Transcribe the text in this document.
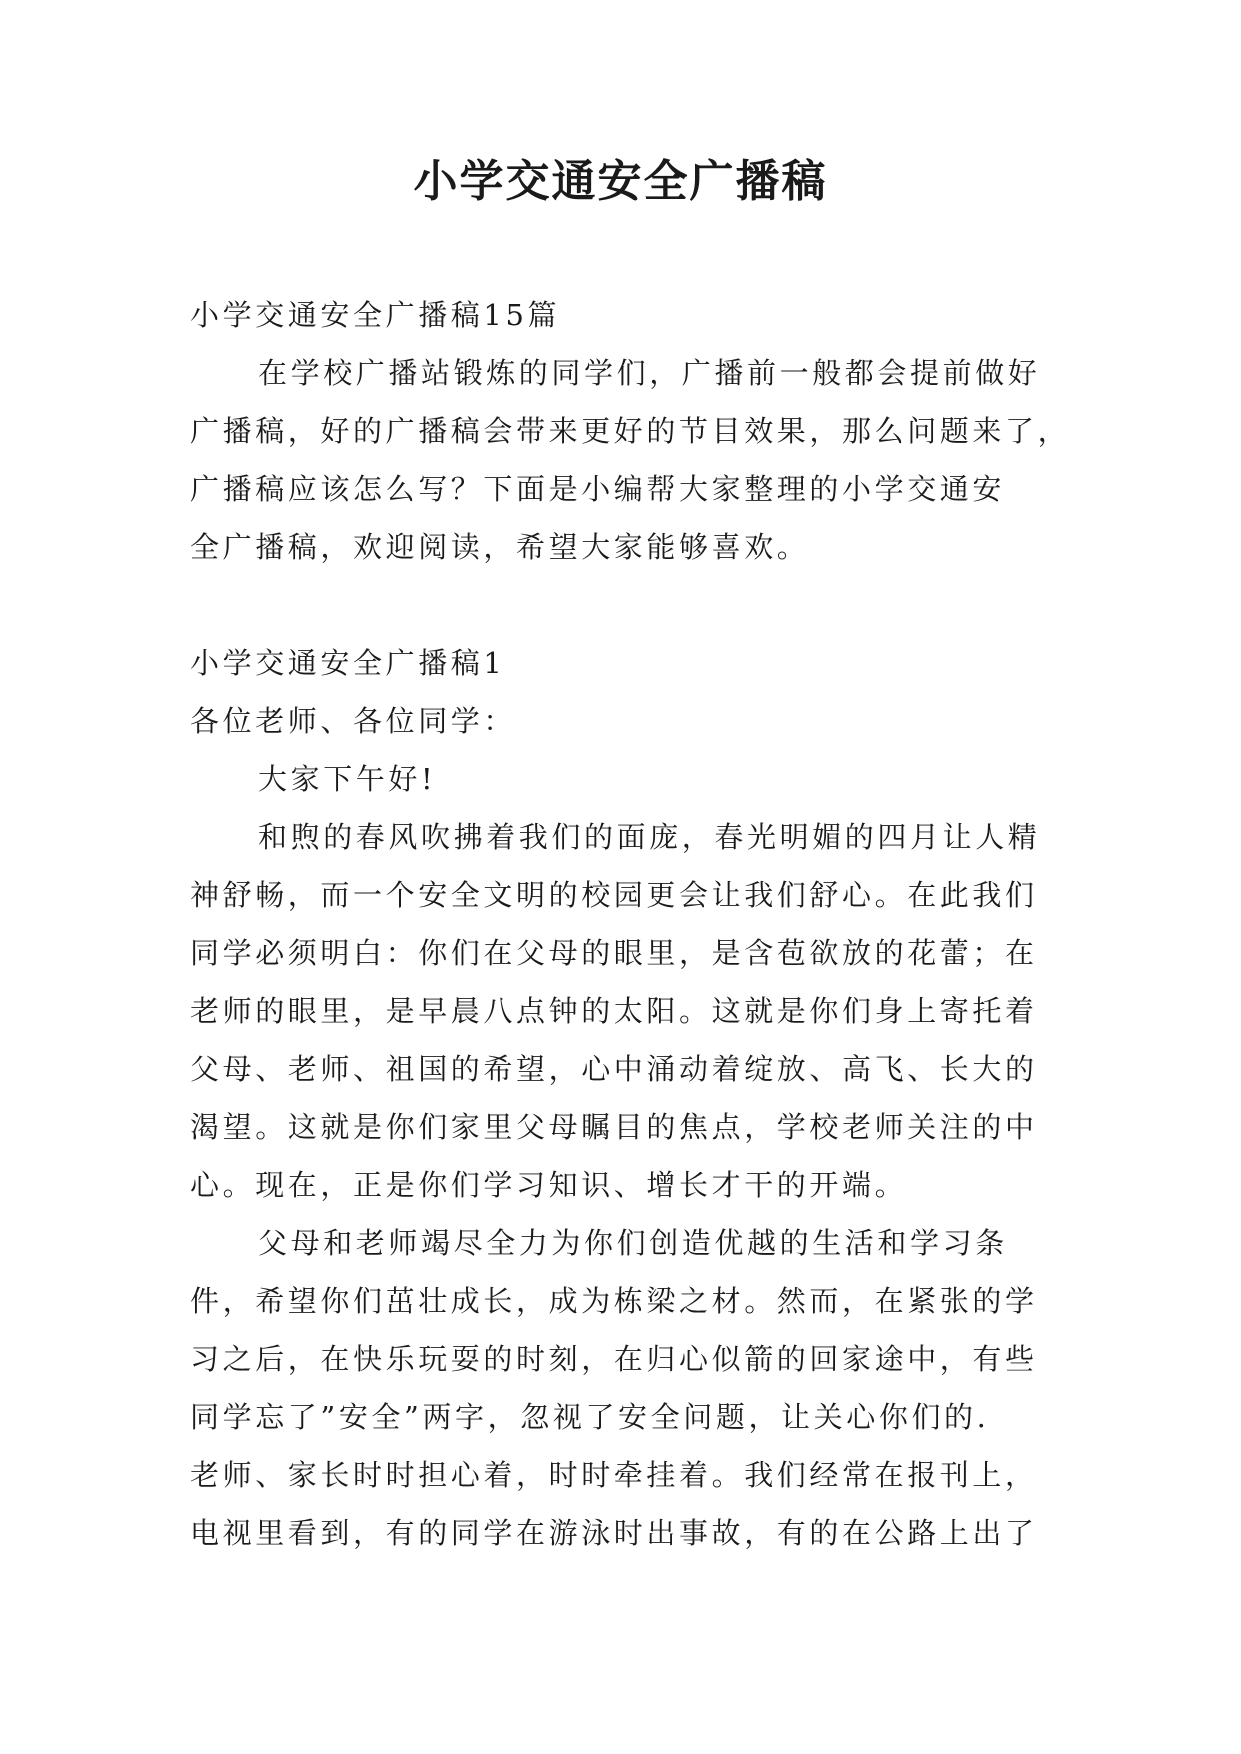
小学交通安全广播稿
小学交通安全广播稿15篇
在学校广播站锻炼的同学们，广播前一般都会提前做好
广播稿，好的广播稿会带来更好的节目效果，那么问题来了，
广播稿应该怎么写？下面是小编帮大家整理的小学交通安
全广播稿，欢迎阅读，希望大家能够喜欢。
小学交通安全广播稿1
各位老师、各位同学：
大家下午好!
和煦的春风吹拂着我们的面庞，春光明媚的四月让人精
神舒畅，而一个安全文明的校园更会让我们舒心。在此我们
同学必须明白：你们在父母的眼里，是含苞欲放的花蕾；在
老师的眼里，是早晨八点钟的太阳。这就是你们身上寄托着
父母、老师、祖国的希望，心中涌动着绽放、高飞、长大的
渴望。这就是你们家里父母瞩目的焦点，学校老师关注的中
心。现在，正是你们学习知识、增长才干的开端。
父母和老师竭尽全力为你们创造优越的生活和学习条
件，希望你们茁壮成长，成为栋梁之材。然而，在紧张的学
习之后，在快乐玩耍的时刻，在归心似箭的回家途中，有些
同学忘了”安全”两字，忽视了安全问题，让关心你们的.
老师、家长时时担心着，时时牵挂着。我们经常在报刊上，
电视里看到，有的同学在游泳时出事故，有的在公路上出了
